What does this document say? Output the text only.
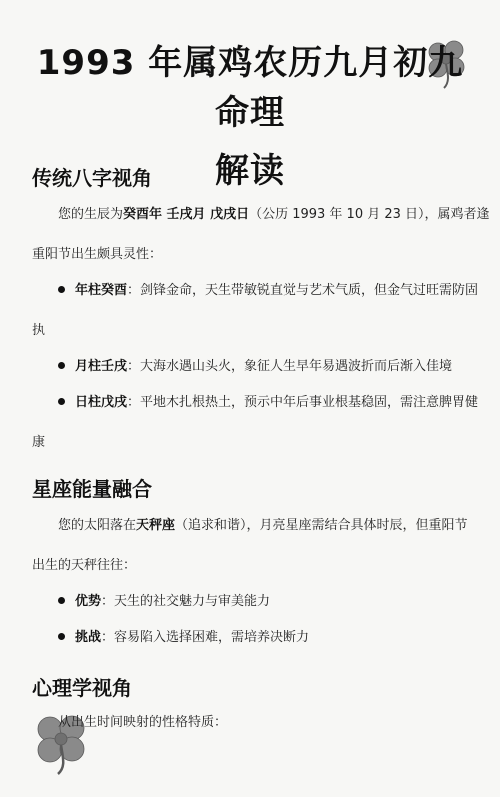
1993 年属鸡农历九月初九命理
解读
传统八字视角
您的生辰为癸酉年 壬戌月 戊戌日（公历 1993 年 10 月 23 日），属鸡者逢
重阳节出生颇具灵性：
年柱癸酉：剑锋金命，天生带敏锐直觉与艺术气质，但金气过旺需防固
执
月柱壬戌：大海水遇山头火，象征人生早年易遇波折而后渐入佳境
日柱戊戌：平地木扎根热土，预示中年后事业根基稳固，需注意脾胃健
康
星座能量融合
您的太阳落在天秤座（追求和谐），月亮星座需结合具体时辰，但重阳节
出生的天秤往往：
优势：天生的社交魅力与审美能力
挑战：容易陷入选择困难，需培养决断力
心理学视角
从出生时间映射的性格特质：
